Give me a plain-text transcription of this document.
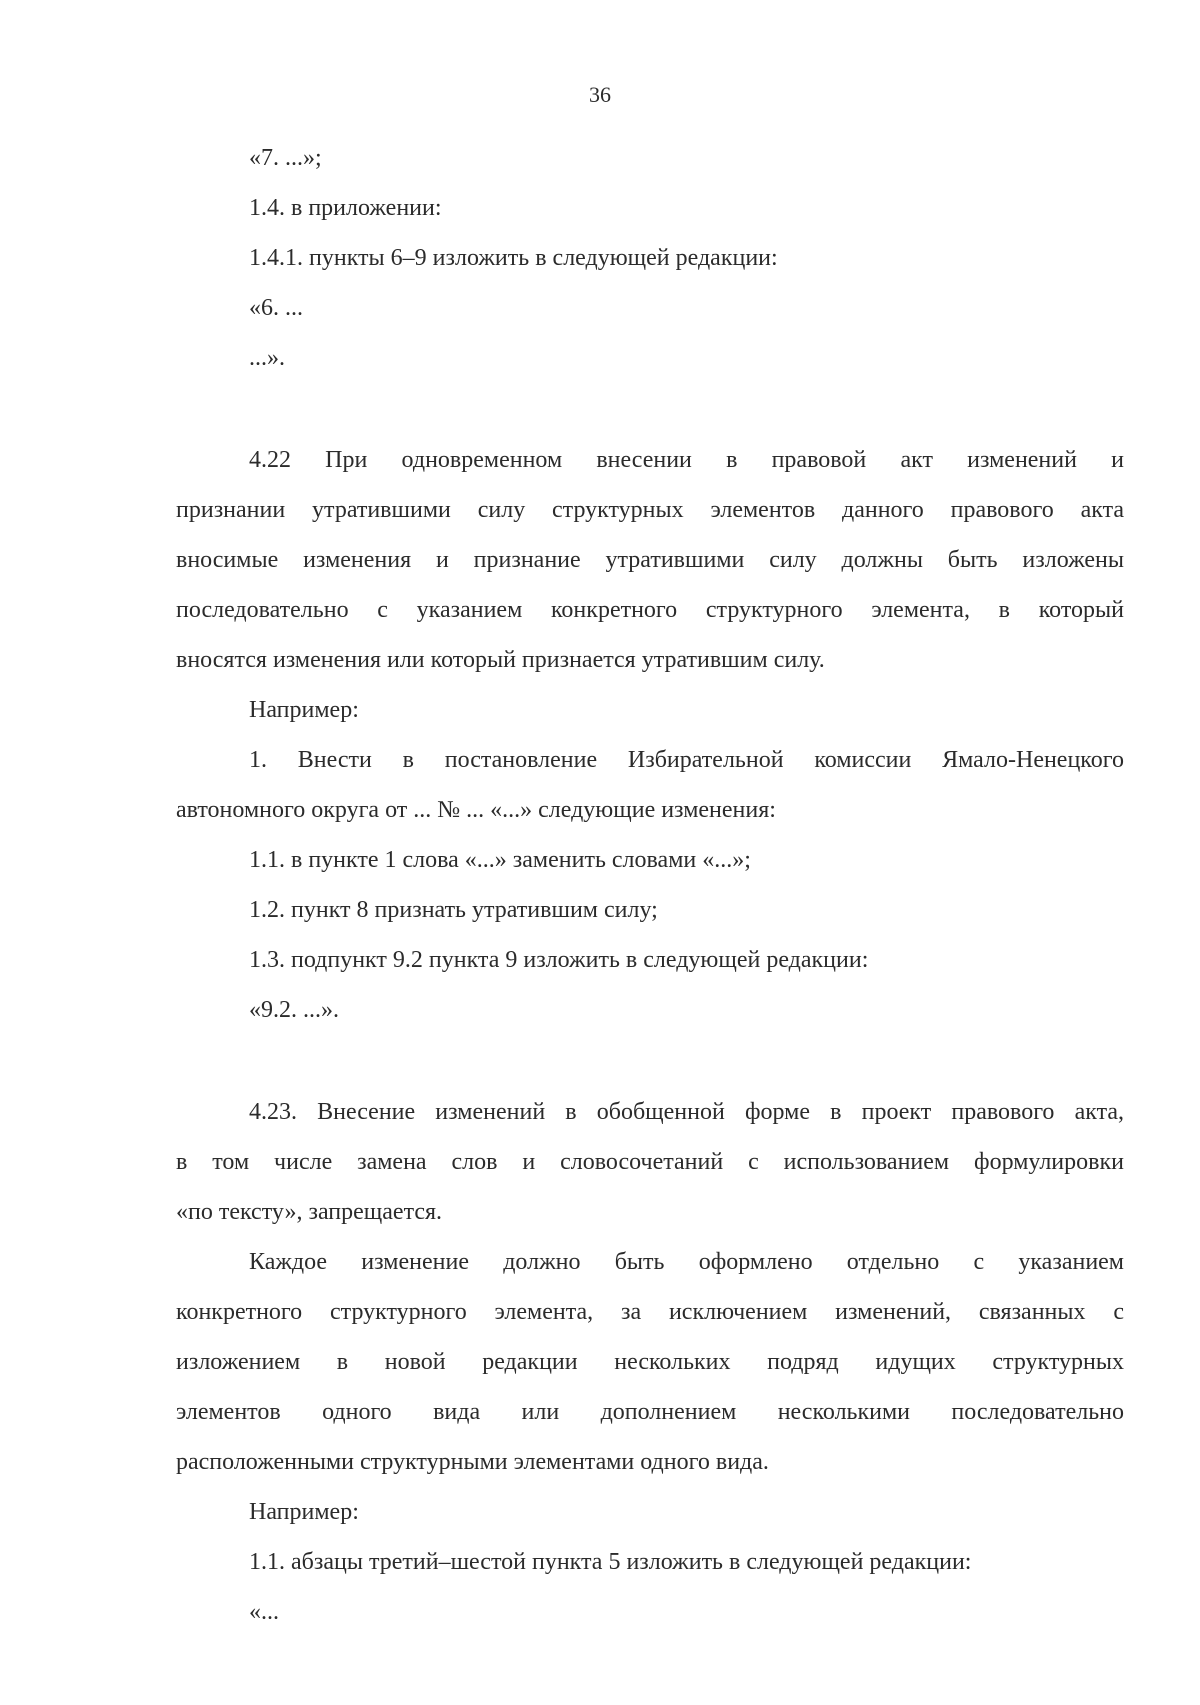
36

«7. ...»;

1.4. в приложении:

1.4.1. пункты 6–9 изложить в следующей редакции:

«6. ...

...».

4.22 При одновременном внесении в правовой акт изменений и

признании утратившими силу структурных элементов данного правового акта

вносимые изменения и признание утратившими силу должны быть изложены

последовательно с указанием конкретного структурного элемента, в который

вносятся изменения или который признается утратившим силу.

Например:

1. Внести в постановление Избирательной комиссии Ямало-Ненецкого

автономного округа от ... № ... «...» следующие изменения:

1.1. в пункте 1 слова «...» заменить словами «...»;

1.2. пункт 8 признать утратившим силу;

1.3. подпункт 9.2 пункта 9 изложить в следующей редакции:

«9.2. ...».

4.23. Внесение изменений в обобщенной форме в проект правового акта,

в том числе замена слов и словосочетаний с использованием формулировки

«по тексту», запрещается.

Каждое изменение должно быть оформлено отдельно с указанием

конкретного структурного элемента, за исключением изменений, связанных с

изложением в новой редакции нескольких подряд идущих структурных

элементов одного вида или дополнением несколькими последовательно

расположенными структурными элементами одного вида.

Например:

1.1. абзацы третий–шестой пункта 5 изложить в следующей редакции:

«...
